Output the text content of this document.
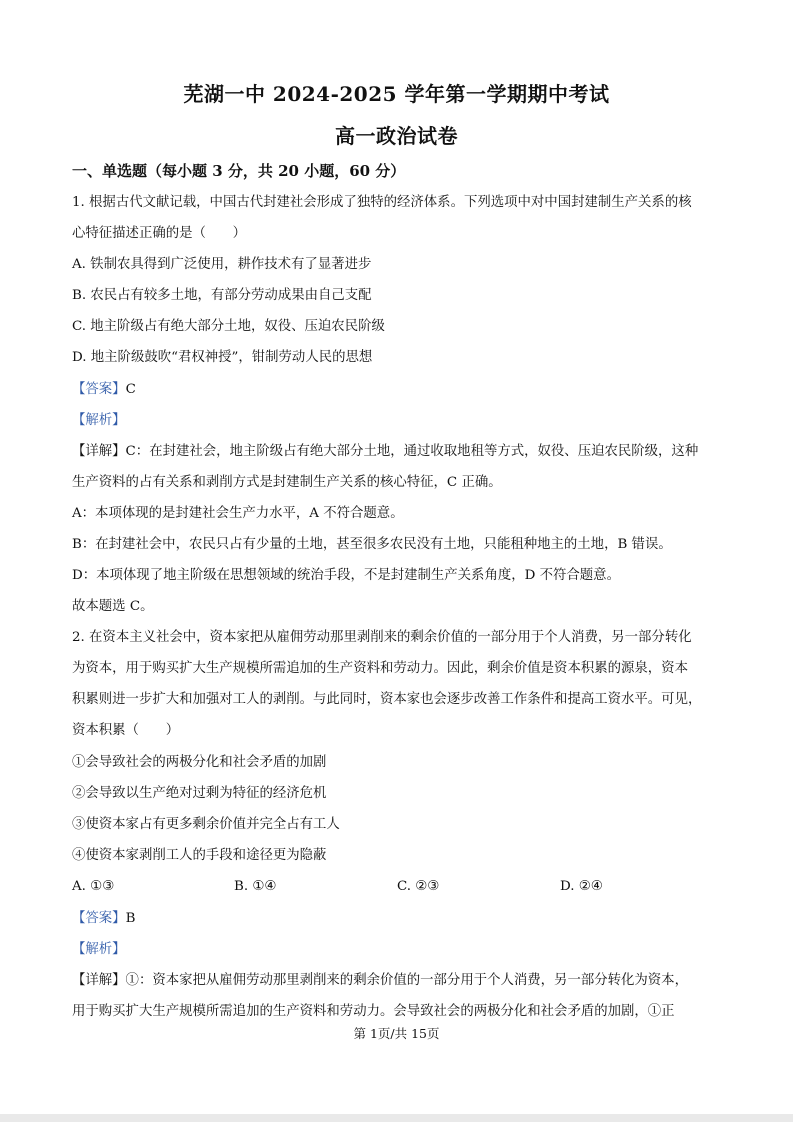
芜湖一中 2024-2025 学年第一学期期中考试
高一政治试卷
一、单选题（每小题 3 分，共 20 小题，60 分）
1. 根据古代文献记载，中国古代封建社会形成了独特的经济体系。下列选项中对中国封建制生产关系的核
心特征描述正确的是（　　）
A. 铁制农具得到广泛使用，耕作技术有了显著进步
B. 农民占有较多土地，有部分劳动成果由自己支配
C. 地主阶级占有绝大部分土地，奴役、压迫农民阶级
D. 地主阶级鼓吹“君权神授”，钳制劳动人民的思想
【答案】C
【解析】
【详解】C：在封建社会，地主阶级占有绝大部分土地，通过收取地租等方式，奴役、压迫农民阶级，这种
生产资料的占有关系和剥削方式是封建制生产关系的核心特征，C 正确。
A：本项体现的是封建社会生产力水平，A 不符合题意。
B：在封建社会中，农民只占有少量的土地，甚至很多农民没有土地，只能租种地主的土地，B 错误。
D：本项体现了地主阶级在思想领域的统治手段，不是封建制生产关系角度，D 不符合题意。
故本题选 C。
2. 在资本主义社会中，资本家把从雇佣劳动那里剥削来的剩余价值的一部分用于个人消费，另一部分转化
为资本，用于购买扩大生产规模所需追加的生产资料和劳动力。因此，剩余价值是资本积累的源泉，资本
积累则进一步扩大和加强对工人的剥削。与此同时，资本家也会逐步改善工作条件和提高工资水平。可见，
资本积累（　　）
①会导致社会的两极分化和社会矛盾的加剧
②会导致以生产绝对过剩为特征的经济危机
③使资本家占有更多剩余价值并完全占有工人
④使资本家剥削工人的手段和途径更为隐蔽
A. ①③	B. ①④	C. ②③	D. ②④
【答案】B
【解析】
【详解】①：资本家把从雇佣劳动那里剥削来的剩余价值的一部分用于个人消费，另一部分转化为资本，
用于购买扩大生产规模所需追加的生产资料和劳动力。会导致社会的两极分化和社会矛盾的加剧，①正
第 1页/共 15页
